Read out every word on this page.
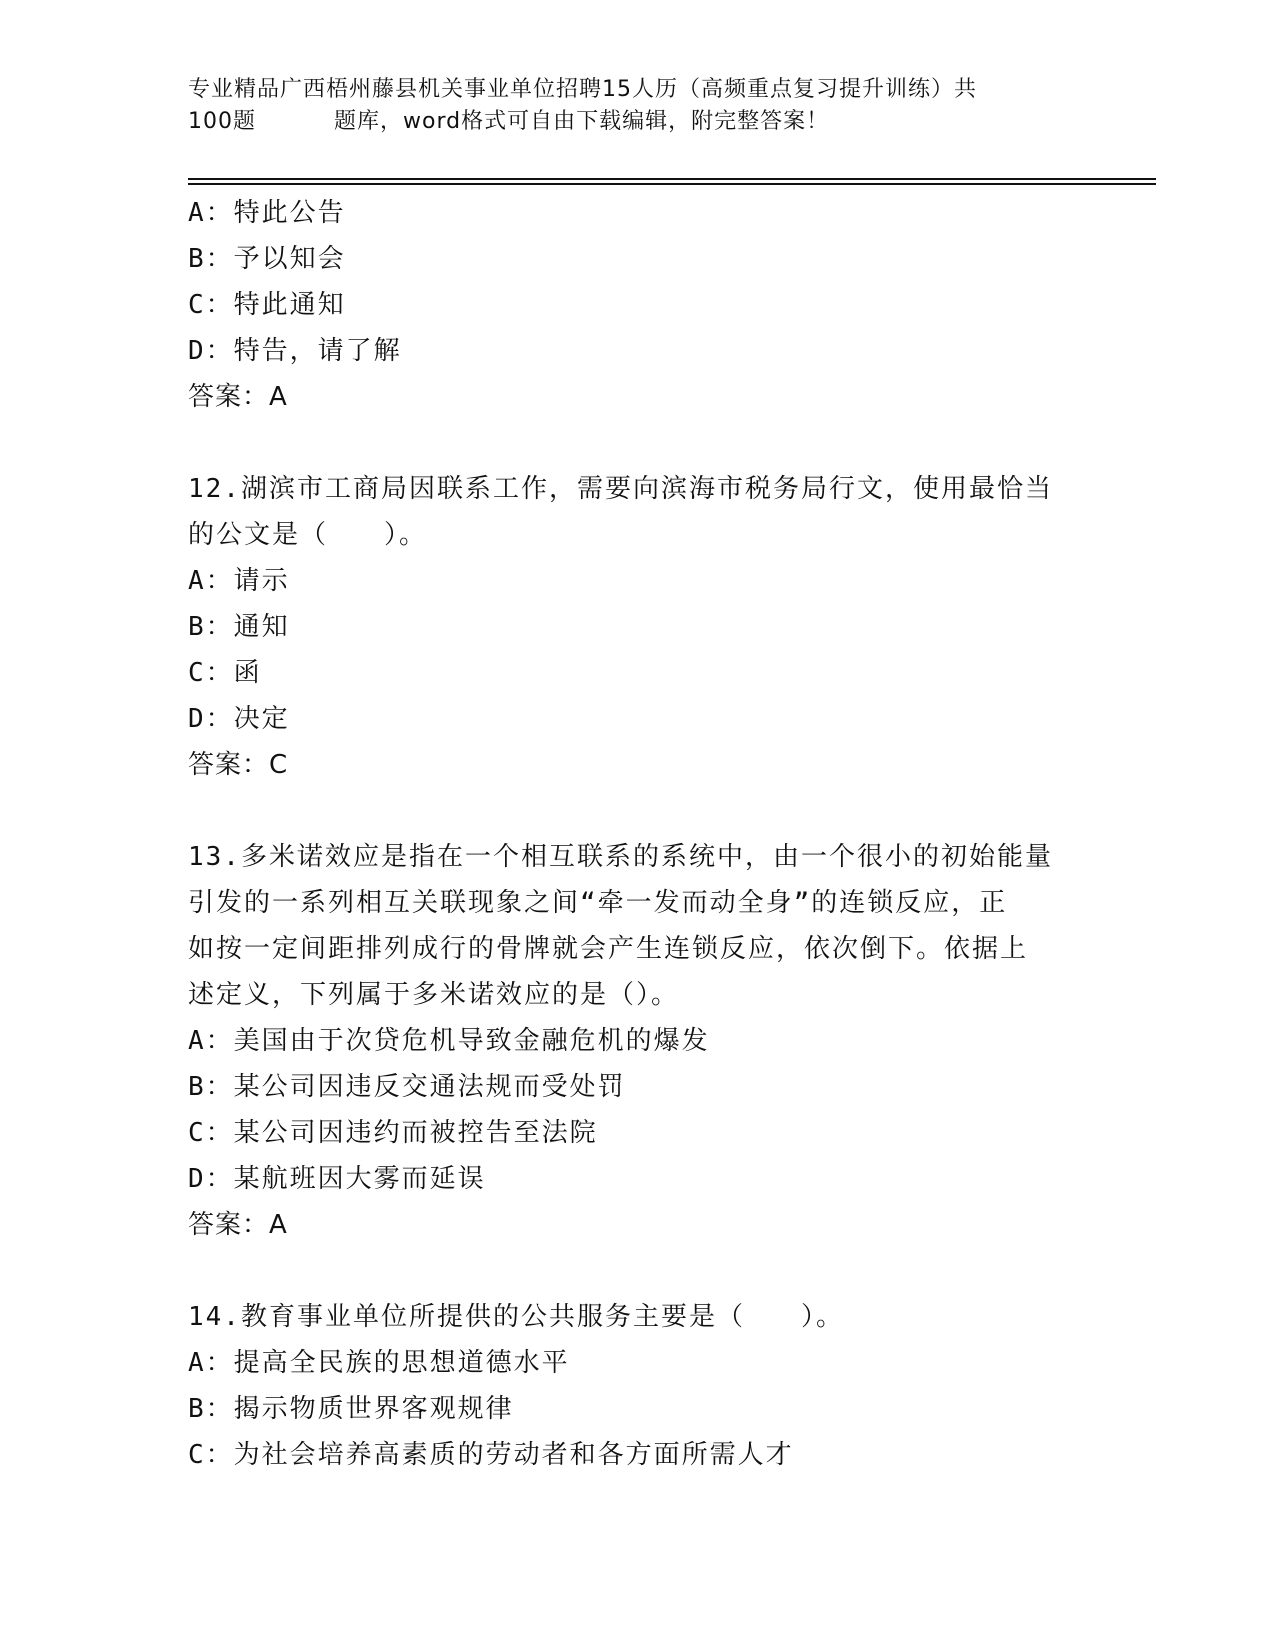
专业精品广西梧州藤县机关事业单位招聘15人历（高频重点复习提升训练）共
100题	题库，word格式可自由下载编辑，附完整答案！
A：特此公告
B：予以知会
C：特此通知
D：特告，请了解
答案：A
12.湖滨市工商局因联系工作，需要向滨海市税务局行文，使用最恰当
的公文是（　　）。
A：请示
B：通知
C：函
D：决定
答案：C
13.多米诺效应是指在一个相互联系的系统中，由一个很小的初始能量
引发的一系列相互关联现象之间“牵一发而动全身”的连锁反应，正
如按一定间距排列成行的骨牌就会产生连锁反应，依次倒下。依据上
述定义，下列属于多米诺效应的是（）。
A：美国由于次贷危机导致金融危机的爆发
B：某公司因违反交通法规而受处罚
C：某公司因违约而被控告至法院
D：某航班因大雾而延误
答案：A
14.教育事业单位所提供的公共服务主要是（　　）。
A：提高全民族的思想道德水平
B：揭示物质世界客观规律
C：为社会培养高素质的劳动者和各方面所需人才
